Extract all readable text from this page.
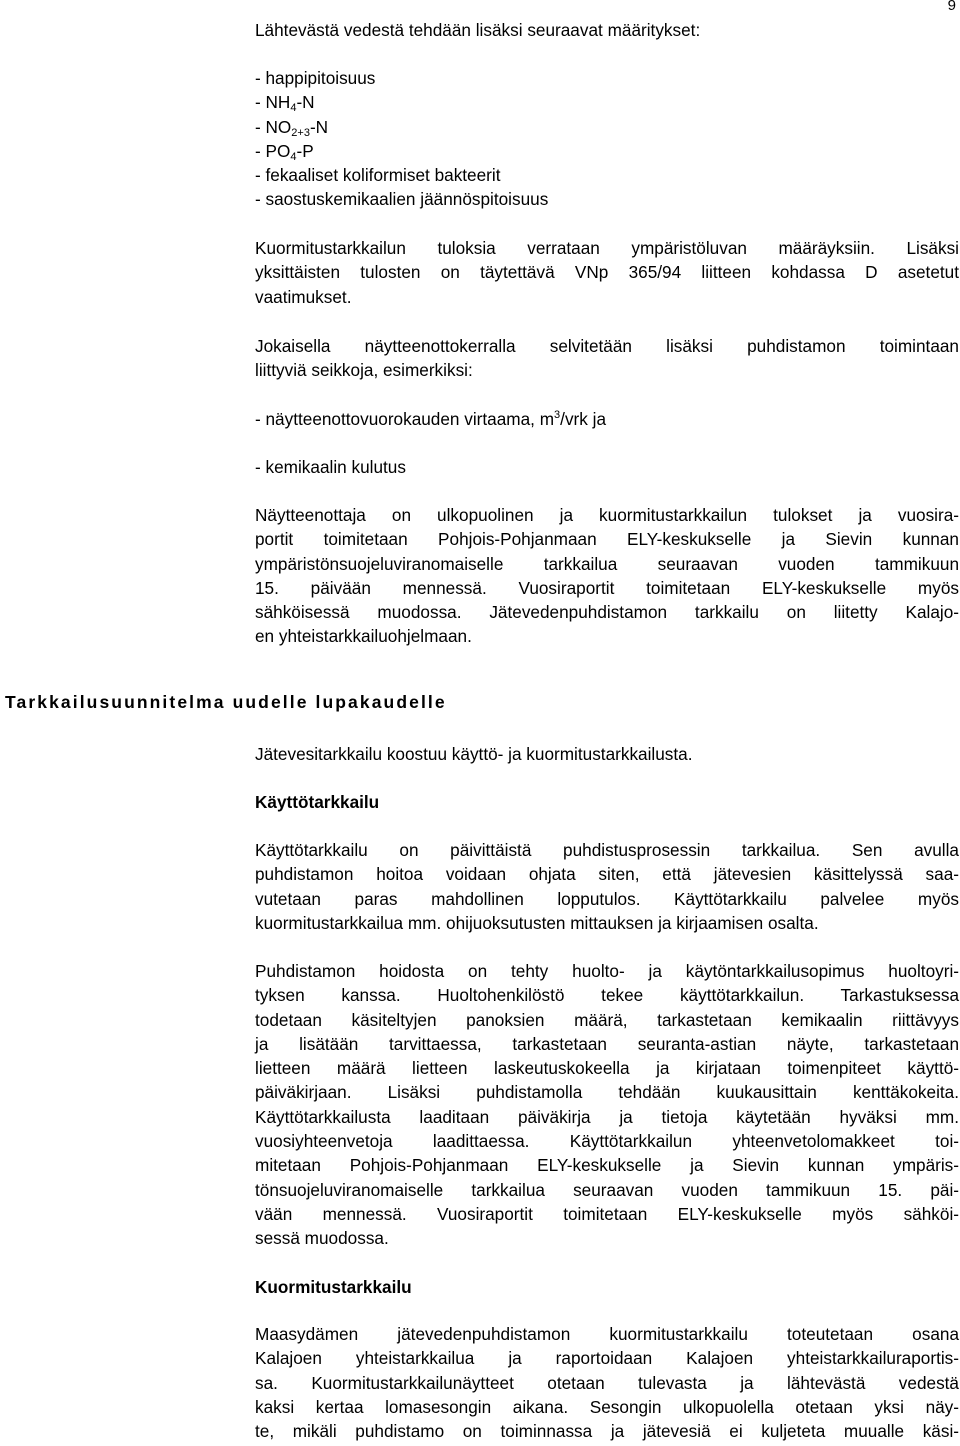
9
Lähtevästä vedestä tehdään lisäksi seuraavat määritykset:
- happipitoisuus
- $NH_4-N$
- $NO_{2+3}-N$
- $PO_4-P$
- fekaaliset koliformiset bakteerit
- saostuskemikaalien jäännöspitoisuus
Kuormitustarkkailun tuloksia verrataan ympäristöluvan määräyksiin. Lisäksi
yksittäisten tulosten on täytettävä VNp 365/94 liitteen kohdassa D asetetut
vaatimukset.
Jokaisella näytteenottokerralla selvitetään lisäksi puhdistamon toimintaan
liittyviä seikkoja, esimerkiksi:
- näytteenottovuorokauden virtaama, $m^3$/vrk ja
- kemikaalin kulutus
Näytteenottaja on ulkopuolinen ja kuormitustarkkailun tulokset ja vuosira-
portit toimitetaan Pohjois-Pohjanmaan ELY-keskukselle ja Sievin kunnan
ympäristönsuojeluviranomaiselle tarkkailua seuraavan vuoden tammikuun
15. päivään mennessä. Vuosiraportit toimitetaan ELY-keskukselle myös
sähköisessä muodossa. Jätevedenpuhdistamon tarkkailu on liitetty Kalajo-
en yhteistarkkailuohjelmaan.
Tarkkailusuunnitelma uudelle lupakaudelle
Jätevesitarkkailu koostuu käyttö- ja kuormitustarkkailusta.
Käyttötarkkailu
Käyttötarkkailu on päivittäistä puhdistusprosessin tarkkailua. Sen avulla
puhdistamon hoitoa voidaan ohjata siten, että jätevesien käsittelyssä saa-
vutetaan paras mahdollinen lopputulos. Käyttötarkkailu palvelee myös
kuormitustarkkailua mm. ohijuoksutusten mittauksen ja kirjaamisen osalta.
Puhdistamon hoidosta on tehty huolto- ja käytöntarkkailusopimus huoltoyri-
tyksen kanssa. Huoltohenkilöstö tekee käyttötarkkailun. Tarkastuksessa
todetaan käsiteltyjen panoksien määrä, tarkastetaan kemikaalin riittävyys
ja lisätään tarvittaessa, tarkastetaan seuranta-astian näyte, tarkastetaan
lietteen määrä lietteen laskeutuskokeella ja kirjataan toimenpiteet käyttö-
päiväkirjaan. Lisäksi puhdistamolla tehdään kuukausittain kenttäkokeita.
Käyttötarkkailusta laaditaan päiväkirja ja tietoja käytetään hyväksi mm.
vuosiyhteenvetoja laadittaessa. Käyttötarkkailun yhteenvetolomakkeet toi-
mitetaan Pohjois-Pohjanmaan ELY-keskukselle ja Sievin kunnan ympäris-
tönsuojeluviranomaiselle tarkkailua seuraavan vuoden tammikuun 15. päi-
vään mennessä. Vuosiraportit toimitetaan ELY-keskukselle myös sähköi-
sessä muodossa.
Kuormitustarkkailu
Maasydämen jätevedenpuhdistamon kuormitustarkkailu toteutetaan osana
Kalajoen yhteistarkkailua ja raportoidaan Kalajoen yhteistarkkailuraportis-
sa. Kuormitustarkkailunäytteet otetaan tulevasta ja lähtevästä vedestä
kaksi kertaa lomasesongin aikana. Sesongin ulkopuolella otetaan yksi näy-
te, mikäli puhdistamo on toiminnassa ja jätevesiä ei kuljeteta muualle käsi-
